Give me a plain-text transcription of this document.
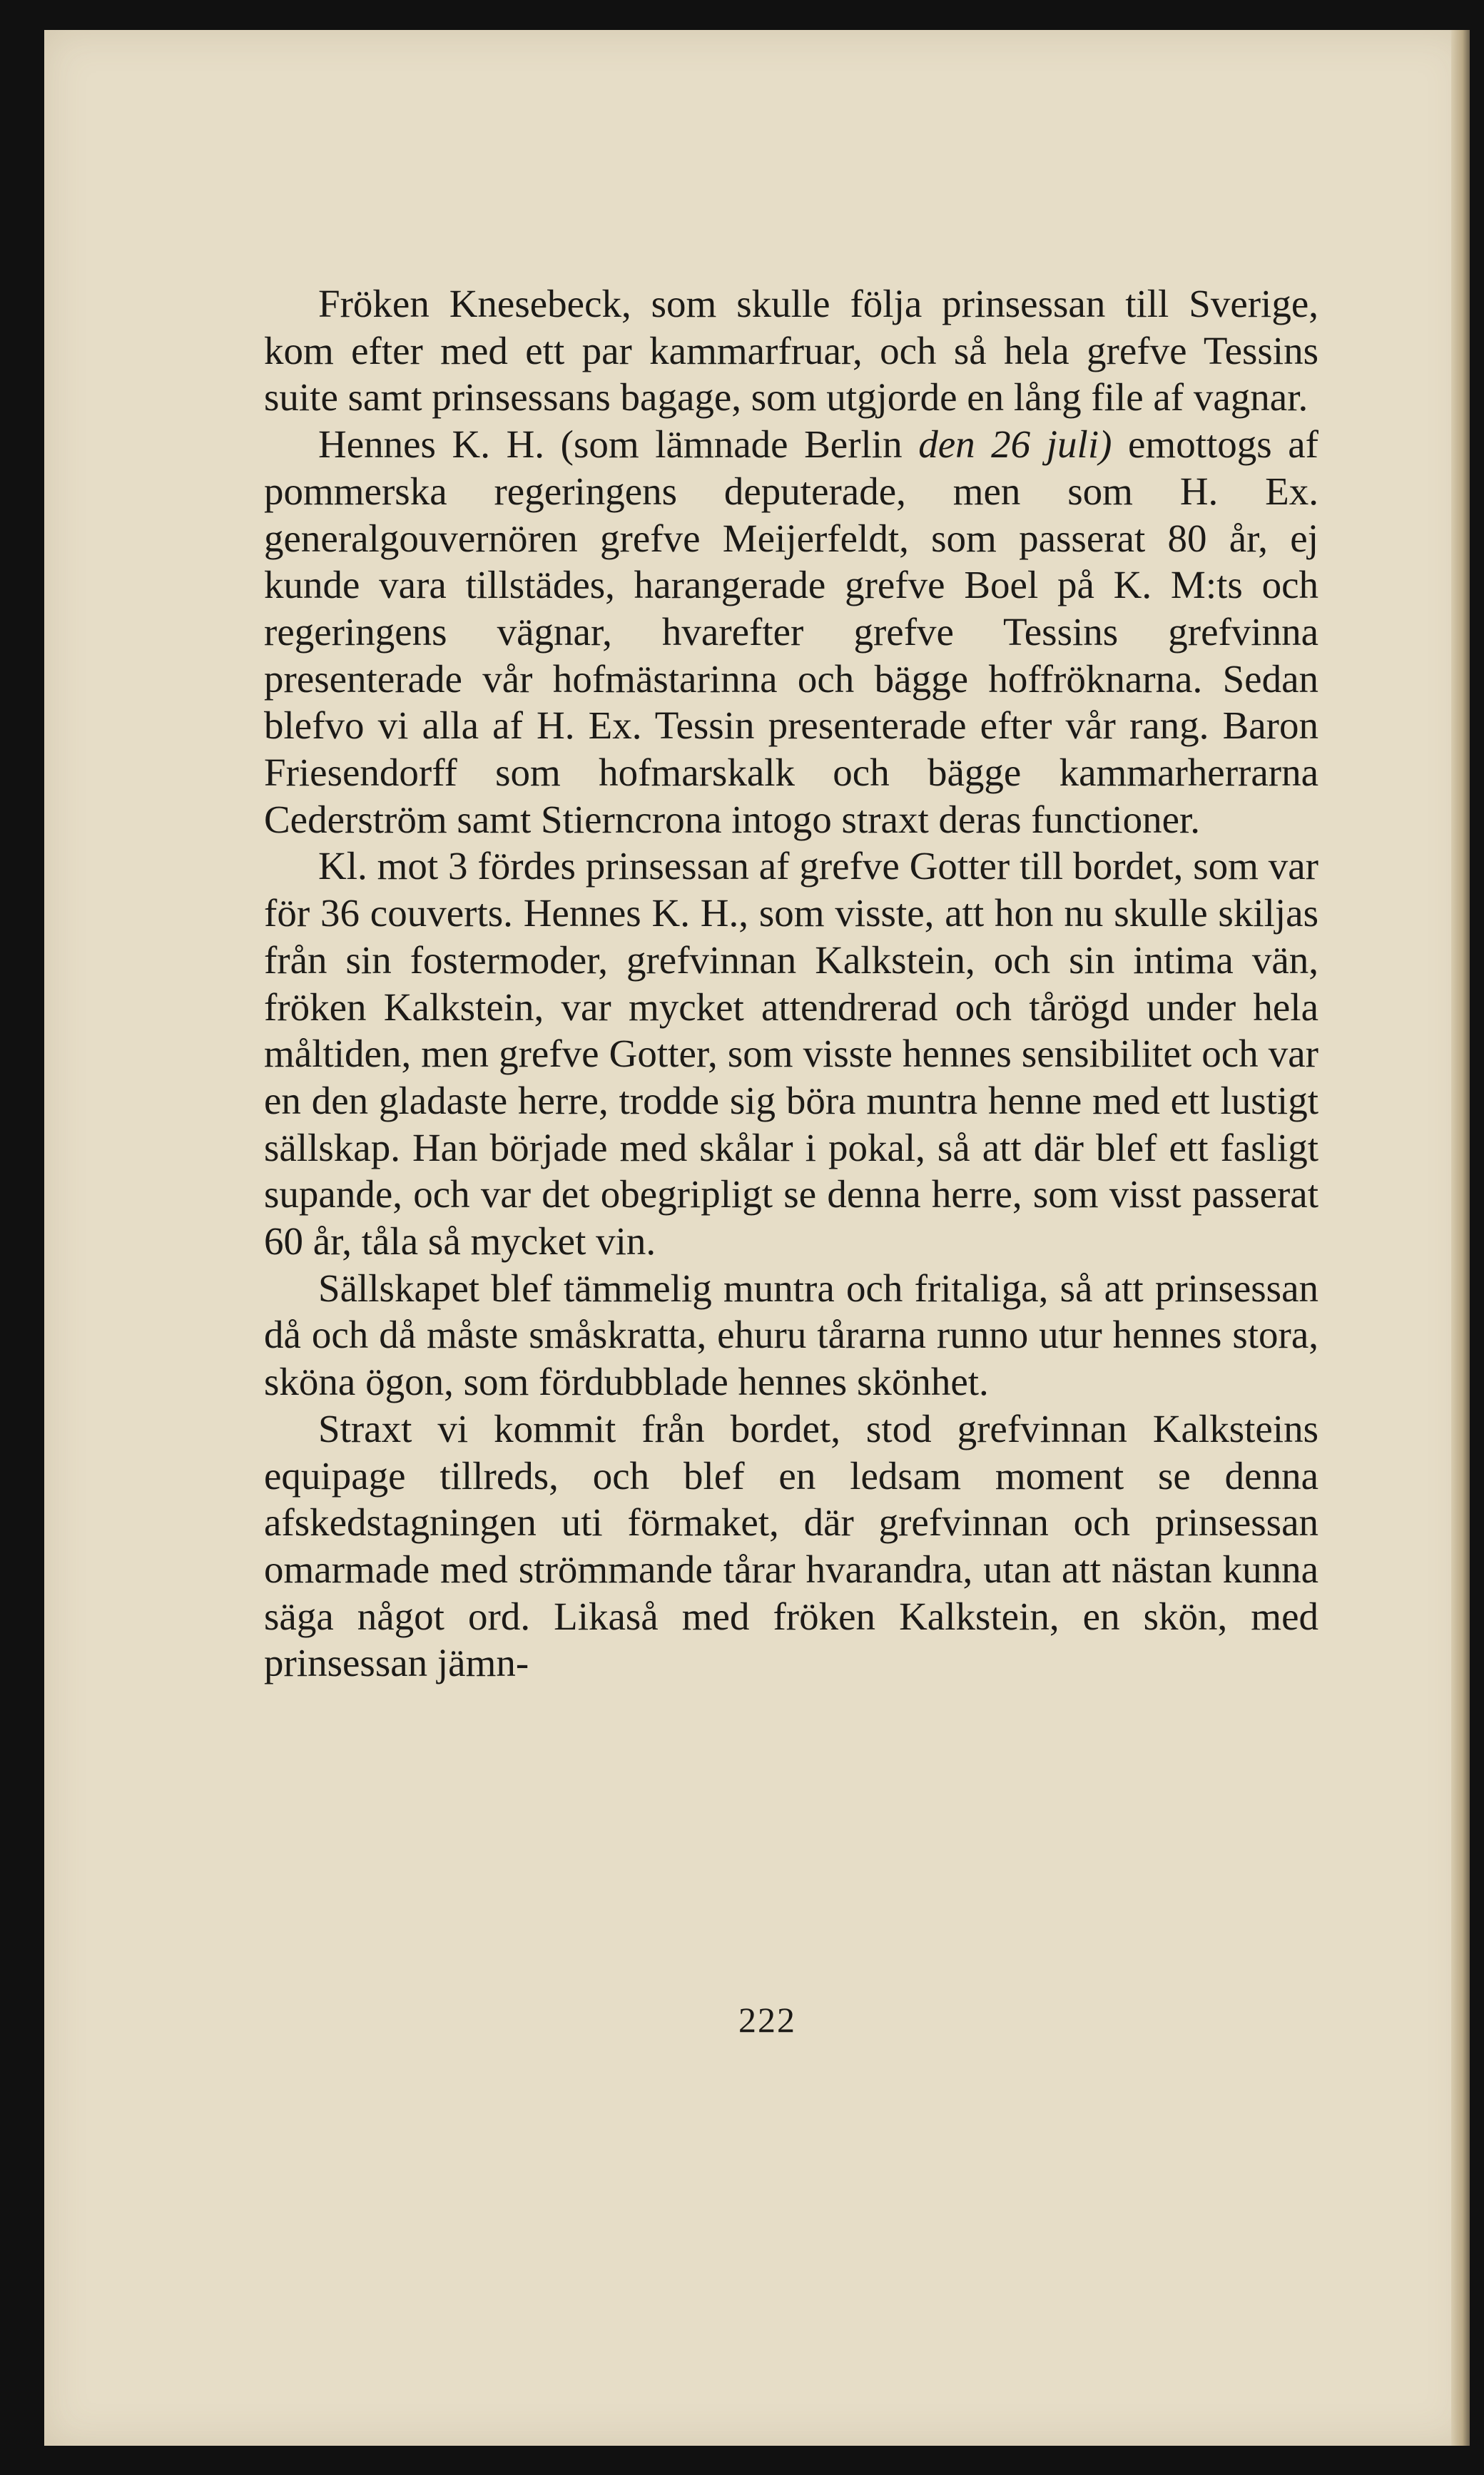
Fröken Knesebeck, som skulle följa prinsessan till Sverige, kom efter med ett par kammarfruar, och så hela grefve Tessins suite samt prinsessans bagage, som utgjorde en lång file af vagnar.

Hennes K. H. (som lämnade Berlin den 26 juli) emottogs af pommerska regeringens deputerade, men som H. Ex. generalgouvernören grefve Meijerfeldt, som passerat 80 år, ej kunde vara tillstädes, harangerade grefve Boel på K. M:ts och regeringens vägnar, hvarefter grefve Tessins grefvinna presenterade vår hofmästarinna och bägge hoffröknarna. Sedan blefvo vi alla af H. Ex. Tessin presenterade efter vår rang. Baron Friesendorff som hofmarskalk och bägge kammarherrarna Cederström samt Stierncrona intogo straxt deras functioner.

Kl. mot 3 fördes prinsessan af grefve Gotter till bordet, som var för 36 couverts. Hennes K. H., som visste, att hon nu skulle skiljas från sin fostermoder, grefvinnan Kalkstein, och sin intima vän, fröken Kalkstein, var mycket attendrerad och tårögd under hela måltiden, men grefve Gotter, som visste hennes sensibilitet och var en den gladaste herre, trodde sig böra muntra henne med ett lustigt sällskap. Han började med skålar i pokal, så att där blef ett fasligt supande, och var det obegripligt se denna herre, som visst passerat 60 år, tåla så mycket vin.

Sällskapet blef tämmelig muntra och fritaliga, så att prinsessan då och då måste småskratta, ehuru tårarna runno utur hennes stora, sköna ögon, som fördubblade hennes skönhet.

Straxt vi kommit från bordet, stod grefvinnan Kalksteins equipage tillreds, och blef en ledsam moment se denna afskedstagningen uti förmaket, där grefvinnan och prinsessan omarmade med strömmande tårar hvarandra, utan att nästan kunna säga något ord. Likaså med fröken Kalkstein, en skön, med prinsessan jämn-

222
